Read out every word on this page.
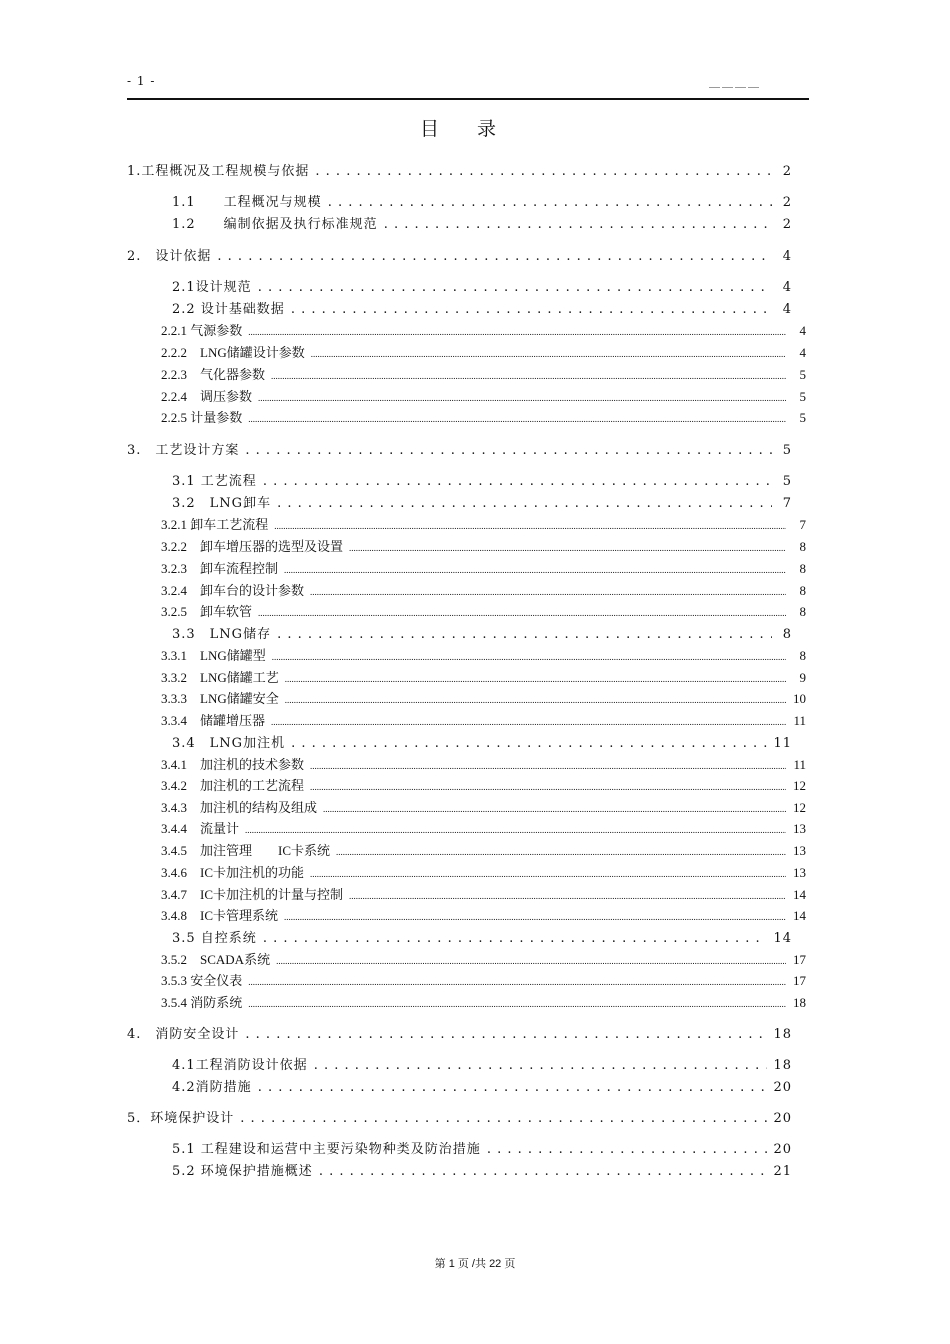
- 1 -	＿＿＿＿
目录
1.工程概况及工程规模与依据 . . .	2
1.1　　工程概况与规模 . . .	2
1.2　　编制依据及执行标准规范 . . .	2
2.　设计依据 . . .	4
2.1设计规范 . . .	4
2.2 设计基础数据 . . .	4
2.2.1 气源参数 .....	4
2.2.2　LNG储罐设计参数 .....	4
2.2.3　气化器参数 .....	5
2.2.4　调压参数 .....	5
2.2.5 计量参数 .....	5
3.　工艺设计方案 . . .	5
3.1 工艺流程 . . .	5
3.2　LNG卸车 . . .	7
3.2.1 卸车工艺流程 .....	7
3.2.2　卸车增压器的选型及设置 .....	8
3.2.3　卸车流程控制 .....	8
3.2.4　卸车台的设计参数 .....	8
3.2.5　卸车软管 .....	8
3.3　LNG储存 . . .	8
3.3.1　LNG储罐型 .....	8
3.3.2　LNG储罐工艺 .....	9
3.3.3　LNG储罐安全 .....	10
3.3.4　储罐增压器 .....	11
3.4　LNG加注机 . . .	11
3.4.1　加注机的技术参数 .....	11
3.4.2　加注机的工艺流程 .....	12
3.4.3　加注机的结构及组成 .....	12
3.4.4　流量计 .....	13
3.4.5　加注管理　　IC卡系统 .....	13
3.4.6　IC卡加注机的功能 .....	13
3.4.7　IC卡加注机的计量与控制 .....	14
3.4.8　IC卡管理系统 .....	14
3.5 自控系统 . . .	14
3.5.2　SCADA系统 .....	17
3.5.3 安全仪表 .....	17
3.5.4 消防系统 .....	18
4.　消防安全设计 . . .	18
4.1工程消防设计依据 . . .	18
4.2消防措施 . . .	20
5．环境保护设计 . . .	20
5.1 工程建设和运营中主要污染物种类及防治措施 . . .	20
5.2 环境保护措施概述 . . .	21
第 1 页 /共 22 页
